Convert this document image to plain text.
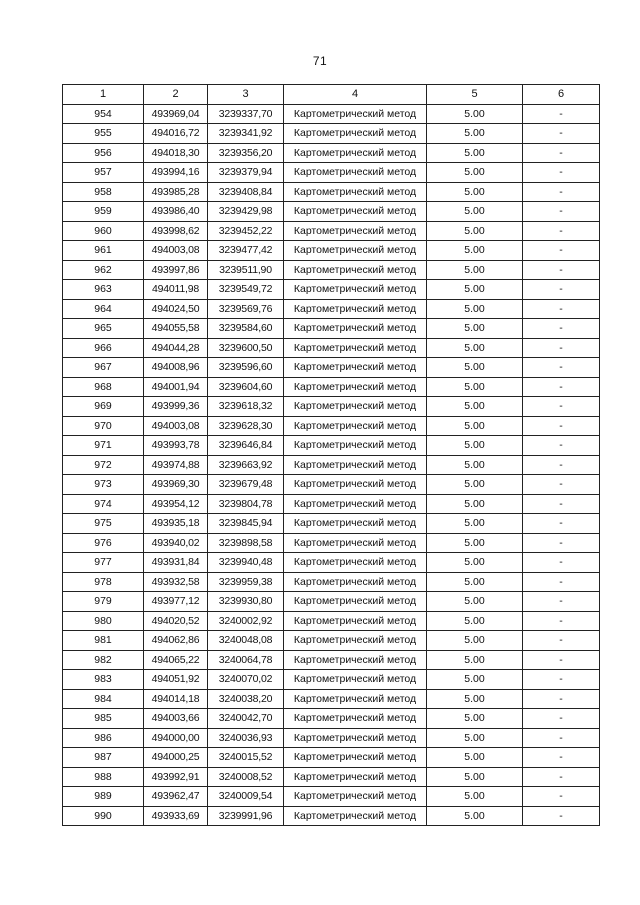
71
1	2	3	4	5	6
954	493969,04	3239337,70	Картометрический метод	5.00	-
955	494016,72	3239341,92	Картометрический метод	5.00	-
956	494018,30	3239356,20	Картометрический метод	5.00	-
957	493994,16	3239379,94	Картометрический метод	5.00	-
958	493985,28	3239408,84	Картометрический метод	5.00	-
959	493986,40	3239429,98	Картометрический метод	5.00	-
960	493998,62	3239452,22	Картометрический метод	5.00	-
961	494003,08	3239477,42	Картометрический метод	5.00	-
962	493997,86	3239511,90	Картометрический метод	5.00	-
963	494011,98	3239549,72	Картометрический метод	5.00	-
964	494024,50	3239569,76	Картометрический метод	5.00	-
965	494055,58	3239584,60	Картометрический метод	5.00	-
966	494044,28	3239600,50	Картометрический метод	5.00	-
967	494008,96	3239596,60	Картометрический метод	5.00	-
968	494001,94	3239604,60	Картометрический метод	5.00	-
969	493999,36	3239618,32	Картометрический метод	5.00	-
970	494003,08	3239628,30	Картометрический метод	5.00	-
971	493993,78	3239646,84	Картометрический метод	5.00	-
972	493974,88	3239663,92	Картометрический метод	5.00	-
973	493969,30	3239679,48	Картометрический метод	5.00	-
974	493954,12	3239804,78	Картометрический метод	5.00	-
975	493935,18	3239845,94	Картометрический метод	5.00	-
976	493940,02	3239898,58	Картометрический метод	5.00	-
977	493931,84	3239940,48	Картометрический метод	5.00	-
978	493932,58	3239959,38	Картометрический метод	5.00	-
979	493977,12	3239930,80	Картометрический метод	5.00	-
980	494020,52	3240002,92	Картометрический метод	5.00	-
981	494062,86	3240048,08	Картометрический метод	5.00	-
982	494065,22	3240064,78	Картометрический метод	5.00	-
983	494051,92	3240070,02	Картометрический метод	5.00	-
984	494014,18	3240038,20	Картометрический метод	5.00	-
985	494003,66	3240042,70	Картометрический метод	5.00	-
986	494000,00	3240036,93	Картометрический метод	5.00	-
987	494000,25	3240015,52	Картометрический метод	5.00	-
988	493992,91	3240008,52	Картометрический метод	5.00	-
989	493962,47	3240009,54	Картометрический метод	5.00	-
990	493933,69	3239991,96	Картометрический метод	5.00	-
